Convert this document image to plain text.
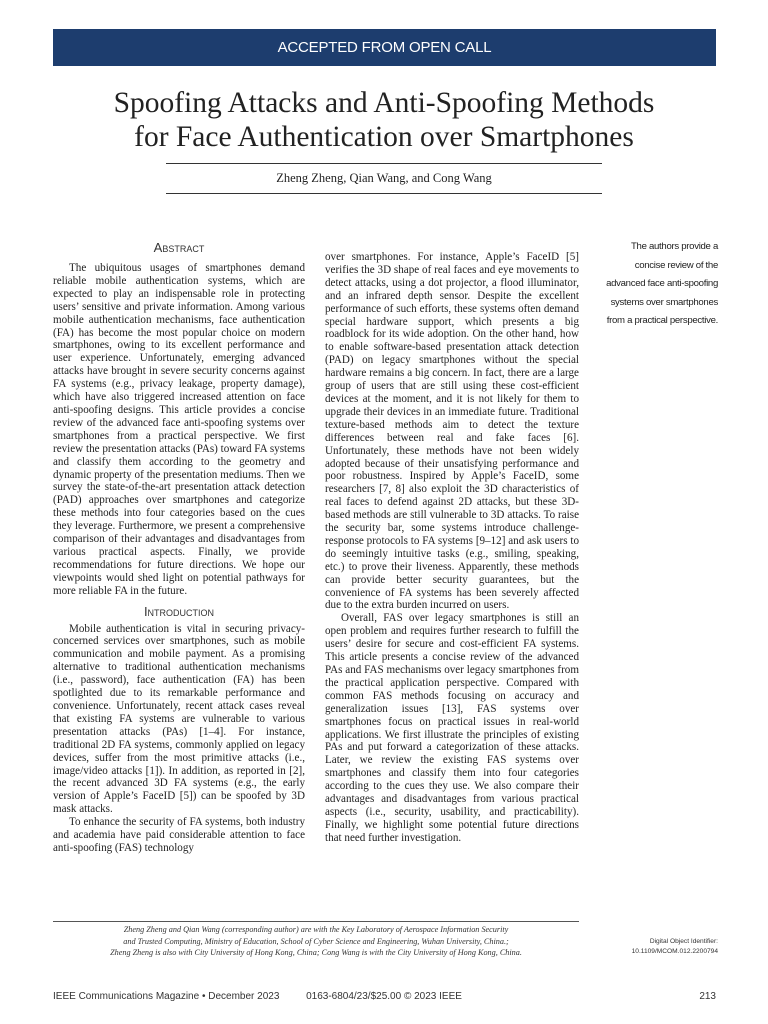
ACCEPTED FROM OPEN CALL
Spoofing Attacks and Anti-Spoofing Methods
for Face Authentication over Smartphones
Zheng Zheng, Qian Wang, and Cong Wang
Abstract

The ubiquitous usages of smartphones demand reliable mobile authentication systems, which are expected to play an indispensable role in protecting users’ sensitive and private information. Among various mobile authentication mechanisms, face authentication (FA) has become the most popular choice on modern smartphones, owing to its excellent performance and user experience. Unfortunately, emerging advanced attacks have brought in severe security concerns against FA systems (e.g., privacy leakage, property damage), which have also triggered increased attention on face anti-spoofing designs. This article provides a concise review of the advanced face anti-spoofing systems over smartphones from a practical perspective. We first review the presentation attacks (PAs) toward FA systems and classify them according to the geometry and dynamic property of the presentation mediums. Then we survey the state-of-the-art presentation attack detection (PAD) approaches over smartphones and categorize these methods into four categories based on the cues they leverage. Furthermore, we present a comprehensive comparison of their advantages and disadvantages from various practical aspects. Finally, we provide recommendations for future directions. We hope our viewpoints would shed light on potential pathways for more reliable FA in the future.

Introduction

Mobile authentication is vital in securing privacy-concerned services over smartphones, such as mobile communication and mobile payment. As a promising alternative to traditional authentication mechanisms (i.e., password), face authentication (FA) has been spotlighted due to its remarkable performance and convenience. Unfortunately, recent attack cases reveal that existing FA systems are vulnerable to various presentation attacks (PAs) [1–4]. For instance, traditional 2D FA systems, commonly applied on legacy devices, suffer from the most primitive attacks (i.e., image/video attacks [1]). In addition, as reported in [2], the recent advanced 3D FA systems (e.g., the early version of Apple’s FaceID [5]) can be spoofed by 3D mask attacks.

To enhance the security of FA systems, both industry and academia have paid considerable attention to face anti-spoofing (FAS) technology

over smartphones. For instance, Apple’s FaceID [5] verifies the 3D shape of real faces and eye movements to detect attacks, using a dot projector, a flood illuminator, and an infrared depth sensor. Despite the excellent performance of such efforts, these systems often demand special hardware support, which presents a big roadblock for its wide adoption. On the other hand, how to enable software-based presentation attack detection (PAD) on legacy smartphones without the special hardware remains a big concern. In fact, there are a large group of users that are still using these cost-efficient devices at the moment, and it is not likely for them to upgrade their devices in an immediate future. Traditional texture-based methods aim to detect the texture differences between real and fake faces [6]. Unfortunately, these methods have not been widely adopted because of their unsatisfying performance and poor robustness. Inspired by Apple’s FaceID, some researchers [7, 8] also exploit the 3D characteristics of real faces to defend against 2D attacks, but these 3D-based methods are still vulnerable to 3D attacks. To raise the security bar, some systems introduce challenge-response protocols to FA systems [9–12] and ask users to do seemingly intuitive tasks (e.g., smiling, speaking, etc.) to prove their liveness. Apparently, these methods can provide better security guarantees, but the convenience of FA systems has been severely affected due to the extra burden incurred on users.

Overall, FAS over legacy smartphones is still an open problem and requires further research to fulfill the users’ desire for secure and cost-efficient FA systems. This article presents a concise review of the advanced PAs and FAS mechanisms over legacy smartphones from the practical application perspective. Compared with common FAS methods focusing on accuracy and generalization issues [13], FAS systems over smartphones focus on practical issues in real-world applications. We first illustrate the principles of existing PAs and put forward a categorization of these attacks. Later, we review the existing FAS systems over smartphones and classify them into four categories according to the cues they use. We also compare their advantages and disadvantages from various practical aspects (i.e., security, usability, and practicability). Finally, we highlight some potential future directions that need further investigation.

The authors provide a concise review of the advanced face anti-spoofing systems over smartphones from a practical perspective.
Zheng Zheng and Qian Wang (corresponding author) are with the Key Laboratory of Aerospace Information Security
and Trusted Computing, Ministry of Education, School of Cyber Science and Engineering, Wuhan University, China.;
Zheng Zheng is also with City University of Hong Kong, China; Cong Wang is with the City University of Hong Kong, China.
Digital Object Identifier:
10.1109/MCOM.012.2200794
IEEE Communications Magazine • December 2023	0163-6804/23/$25.00 © 2023 IEEE	213
